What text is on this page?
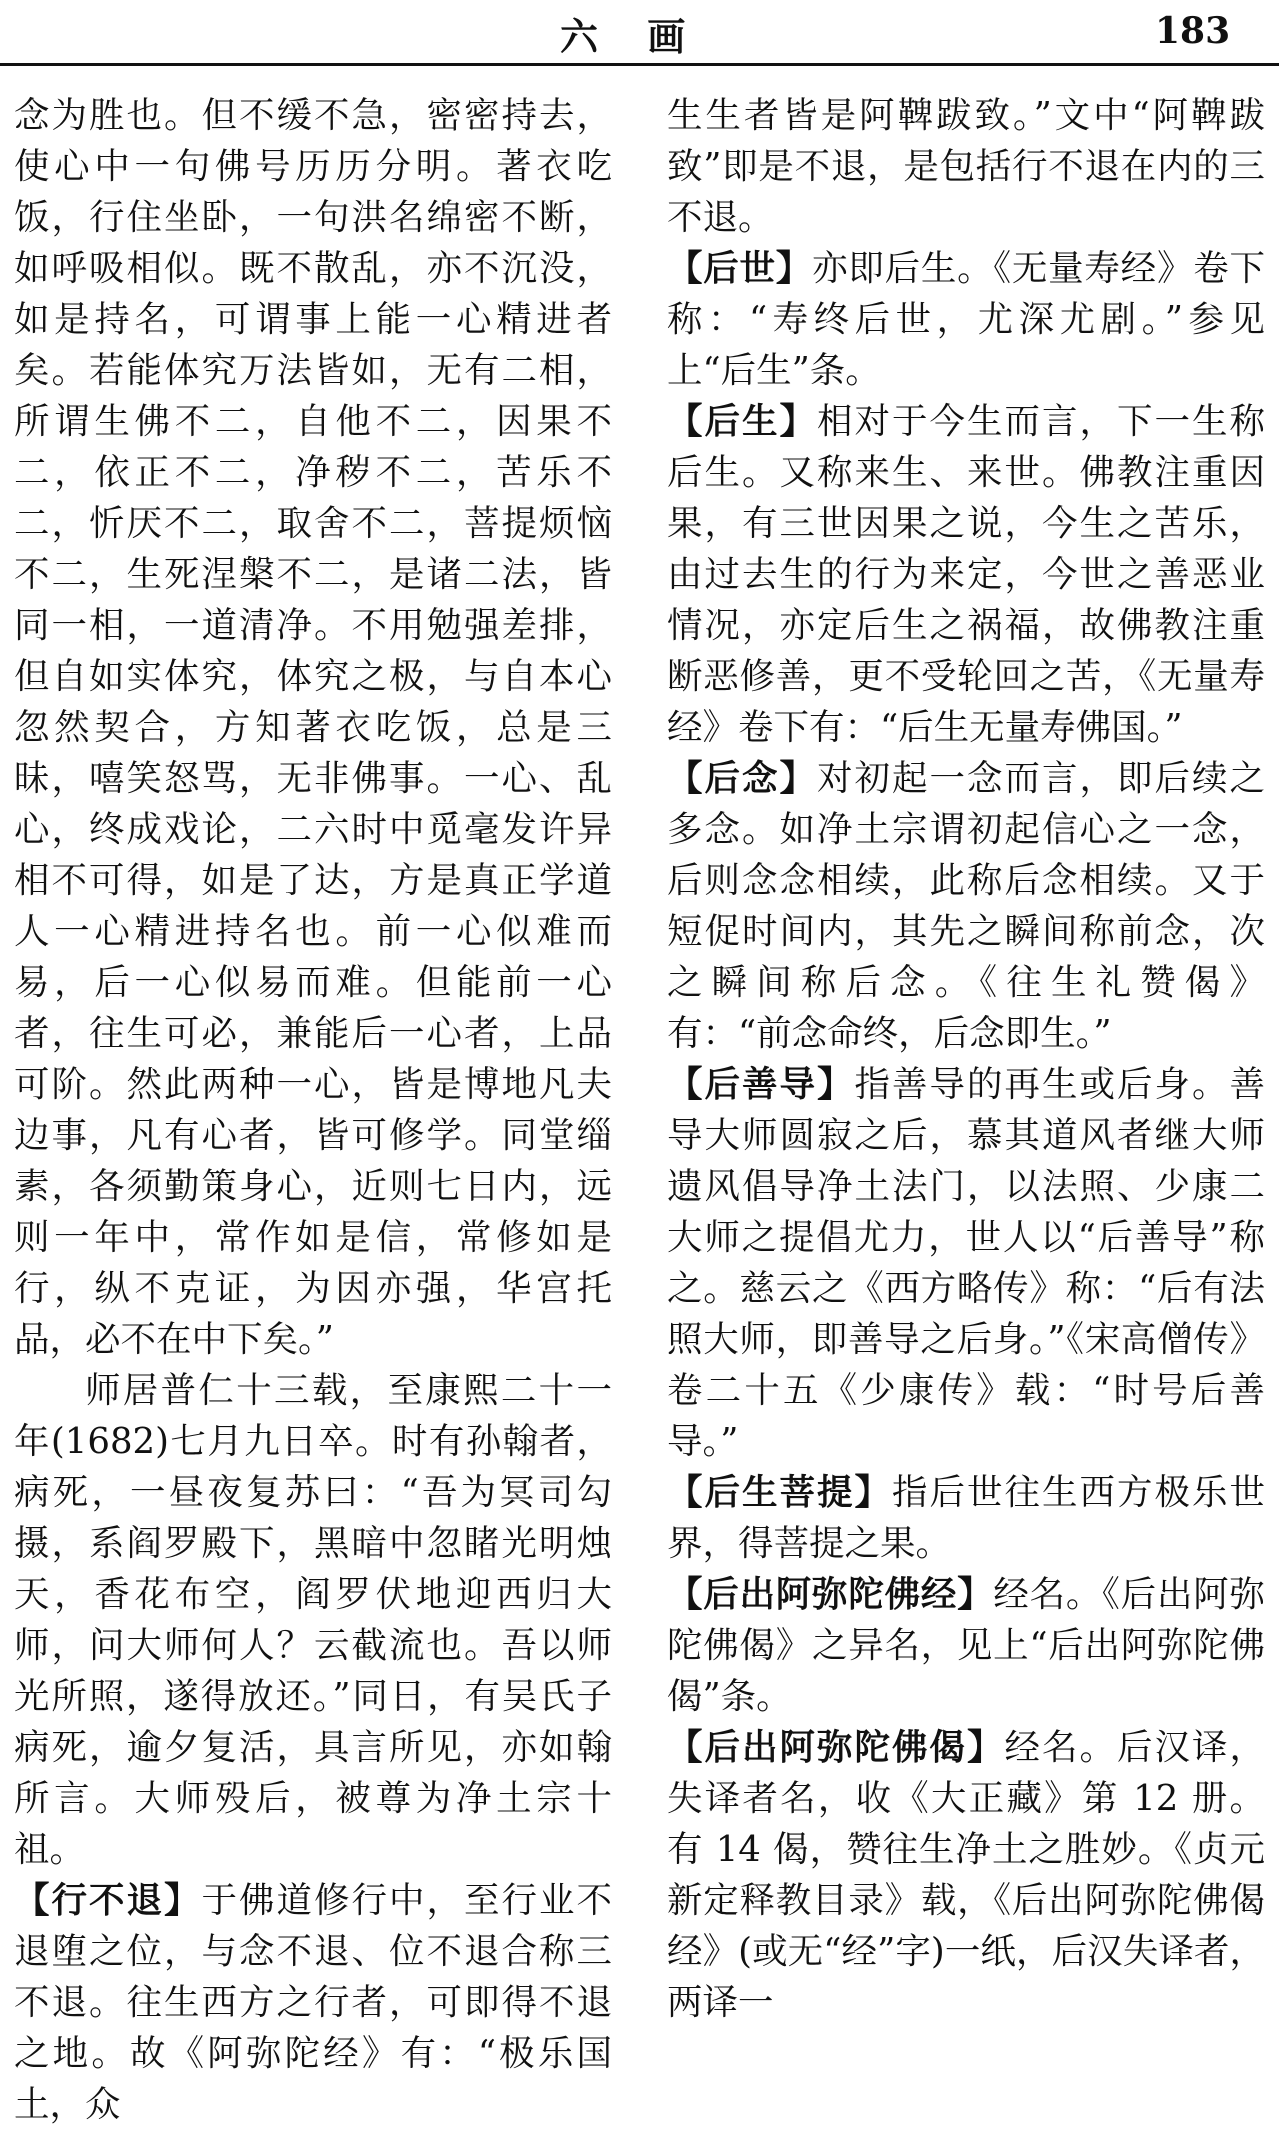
六 画	183

念为胜也。但不缓不急，密密持去，使心中一句佛号历历分明。著衣吃饭，行住坐卧，一句洪名绵密不断，如呼吸相似。既不散乱，亦不沉没，如是持名，可谓事上能一心精进者矣。若能体究万法皆如，无有二相，所谓生佛不二，自他不二，因果不二，依正不二，净秽不二，苦乐不二，忻厌不二，取舍不二，菩提烦恼不二，生死涅槃不二，是诸二法，皆同一相，一道清净。不用勉强差排，但自如实体究，体究之极，与自本心忽然契合，方知著衣吃饭，总是三昧，嘻笑怒骂，无非佛事。一心、乱心，终成戏论，二六时中觅毫发许异相不可得，如是了达，方是真正学道人一心精进持名也。前一心似难而易，后一心似易而难。但能前一心者，往生可必，兼能后一心者，上品可阶。然此两种一心，皆是博地凡夫边事，凡有心者，皆可修学。同堂缁素，各须勤策身心，近则七日内，远则一年中，常作如是信，常修如是行，纵不克证，为因亦强，华宫托品，必不在中下矣。”

师居普仁十三载，至康熙二十一年(1682)七月九日卒。时有孙翰者，病死，一昼夜复苏曰：“吾为冥司勾摄，系阎罗殿下，黑暗中忽睹光明烛天，香花布空，阎罗伏地迎西归大师，问大师何人？云截流也。吾以师光所照，遂得放还。”同日，有吴氏子病死，逾夕复活，具言所见，亦如翰所言。大师殁后，被尊为净土宗十祖。

【行不退】于佛道修行中，至行业不退堕之位，与念不退、位不退合称三不退。往生西方之行者，可即得不退之地。故《阿弥陀经》有：“极乐国土，众

生生者皆是阿鞞跋致。”文中“阿鞞跋致”即是不退，是包括行不退在内的三不退。

【后世】亦即后生。《无量寿经》卷下称：“寿终后世，尤深尤剧。”参见上“后生”条。

【后生】相对于今生而言，下一生称后生。又称来生、来世。佛教注重因果，有三世因果之说，今生之苦乐，由过去生的行为来定，今世之善恶业情况，亦定后生之祸福，故佛教注重断恶修善，更不受轮回之苦，《无量寿经》卷下有：“后生无量寿佛国。”

【后念】对初起一念而言，即后续之多念。如净土宗谓初起信心之一念，后则念念相续，此称后念相续。又于短促时间内，其先之瞬间称前念，次之瞬间称后念。《往生礼赞偈》有：“前念命终，后念即生。”

【后善导】指善导的再生或后身。善导大师圆寂之后，慕其道风者继大师遗风倡导净土法门，以法照、少康二大师之提倡尤力，世人以“后善导”称之。慈云之《西方略传》称：“后有法照大师，即善导之后身。”《宋高僧传》卷二十五《少康传》载：“时号后善导。”

【后生菩提】指后世往生西方极乐世界，得菩提之果。

【后出阿弥陀佛经】经名。《后出阿弥陀佛偈》之异名，见上“后出阿弥陀佛偈”条。

【后出阿弥陀佛偈】经名。后汉译，失译者名，收《大正藏》第 12 册。有 14 偈，赞往生净土之胜妙。《贞元新定释教目录》载，《后出阿弥陀佛偈经》(或无“经”字)一纸，后汉失译者，两译一
